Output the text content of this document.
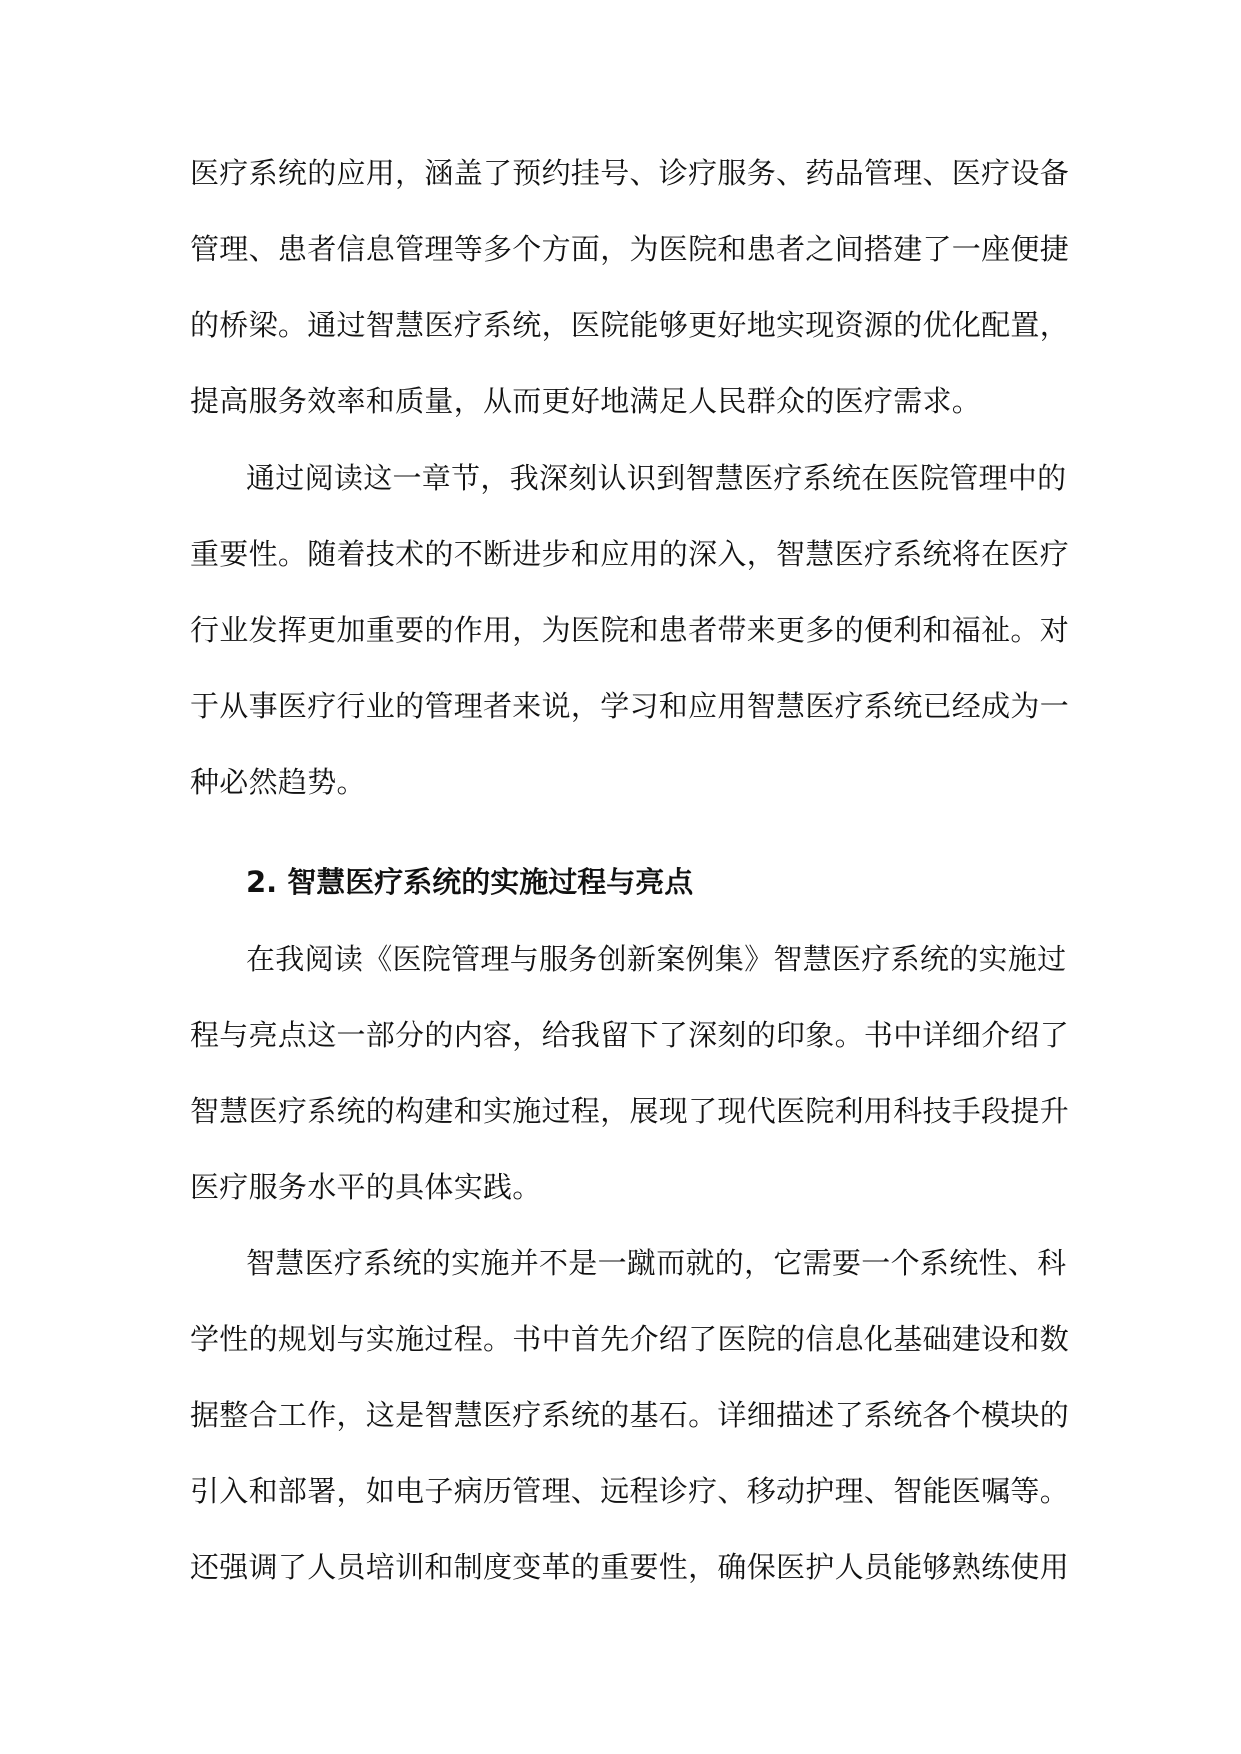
医疗系统的应用，涵盖了预约挂号、诊疗服务、药品管理、医疗设备
管理、患者信息管理等多个方面，为医院和患者之间搭建了一座便捷
的桥梁。通过智慧医疗系统，医院能够更好地实现资源的优化配置，
提高服务效率和质量，从而更好地满足人民群众的医疗需求。
通过阅读这一章节，我深刻认识到智慧医疗系统在医院管理中的
重要性。随着技术的不断进步和应用的深入，智慧医疗系统将在医疗
行业发挥更加重要的作用，为医院和患者带来更多的便利和福祉。对
于从事医疗行业的管理者来说，学习和应用智慧医疗系统已经成为一
种必然趋势。
2. 智慧医疗系统的实施过程与亮点
在我阅读《医院管理与服务创新案例集》智慧医疗系统的实施过
程与亮点这一部分的内容，给我留下了深刻的印象。书中详细介绍了
智慧医疗系统的构建和实施过程，展现了现代医院利用科技手段提升
医疗服务水平的具体实践。
智慧医疗系统的实施并不是一蹴而就的，它需要一个系统性、科
学性的规划与实施过程。书中首先介绍了医院的信息化基础建设和数
据整合工作，这是智慧医疗系统的基石。详细描述了系统各个模块的
引入和部署，如电子病历管理、远程诊疗、移动护理、智能医嘱等。
还强调了人员培训和制度变革的重要性，确保医护人员能够熟练使用
